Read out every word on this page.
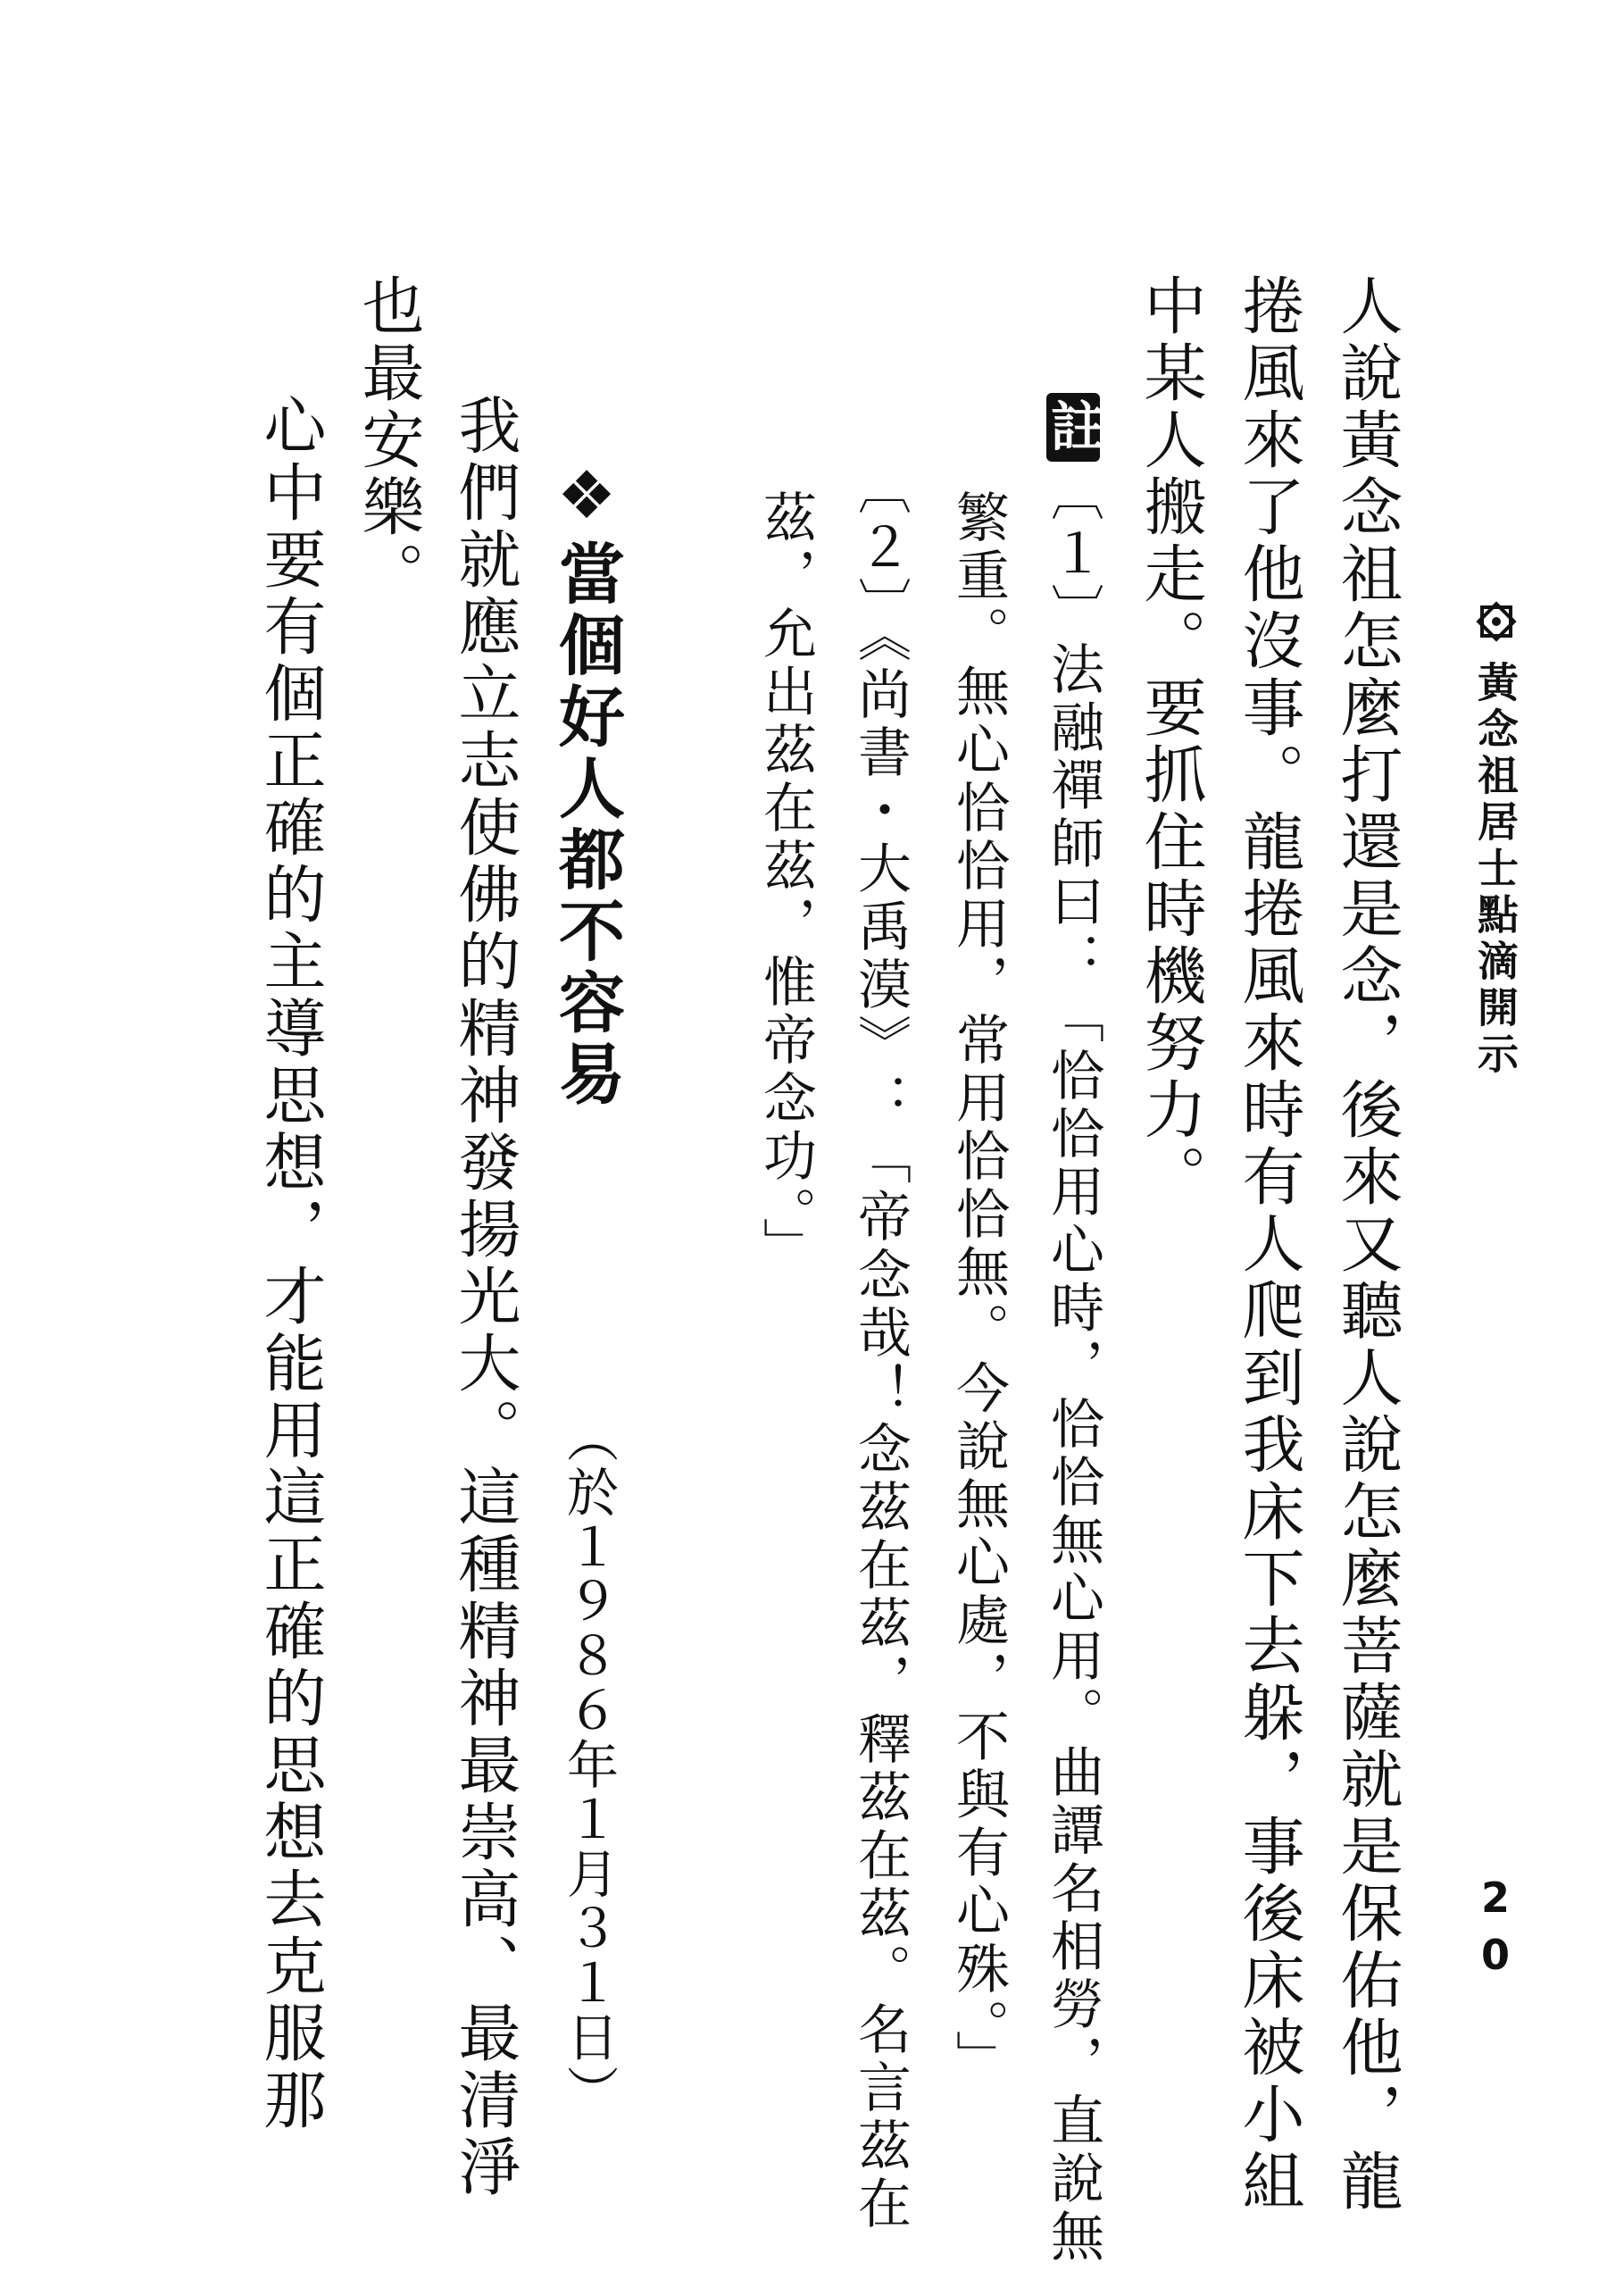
黃念祖居士點滴開示
20
人說黃念祖怎麼打還是念，後來又聽人說怎麼菩薩就是保佑他，龍
捲風來了他沒事。龍捲風來時有人爬到我床下去躲，事後床被小組
中某人搬走。要抓住時機努力。
註〔１〕法融禪師曰：「恰恰用心時，恰恰無心用。曲譚名相勞，直說無
繁重。無心恰恰用，常用恰恰無。今說無心處，不與有心殊。」
〔２〕《尚書・大禹漠》：「帝念哉！念茲在茲，釋茲在茲。名言茲在
茲，允出茲在茲，惟帝念功。」
❖當個好人都不容易
（於１９８６年１月３１日）
我們就應立志使佛的精神發揚光大。這種精神最崇高、最清淨
也最安樂。
心中要有個正確的主導思想，才能用這正確的思想去克服那
